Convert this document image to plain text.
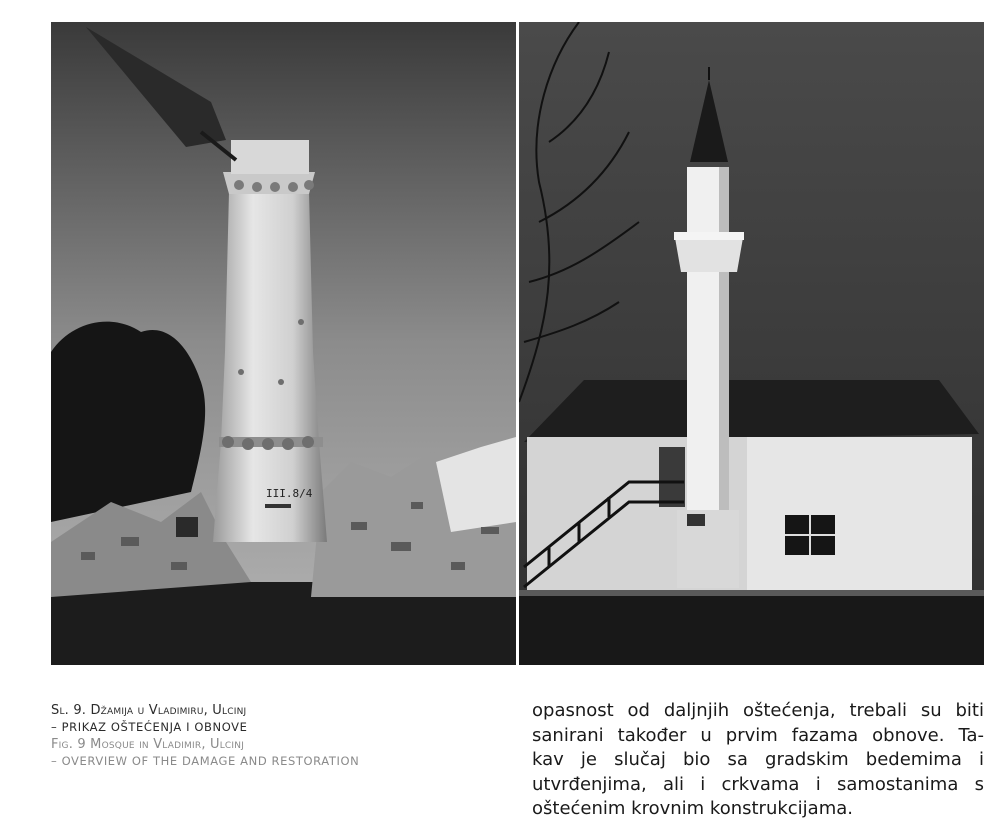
III.8/4
Sl. 9. Džamija u Vladimiru, Ulcinj
– PRIKAZ OŠTEĆENJA I OBNOVE
Fig. 9 Mosque in Vladimir, Ulcinj
– OVERVIEW OF THE DAMAGE AND RESTORATION
opasnost od daljnjih oštećenja, trebali su biti
sanirani također u prvim fazama obnove. Ta-
kav je slučaj bio sa gradskim bedemima i
utvrđenjima, ali i crkvama i samostanima s
oštećenim krovnim konstrukcijama.
